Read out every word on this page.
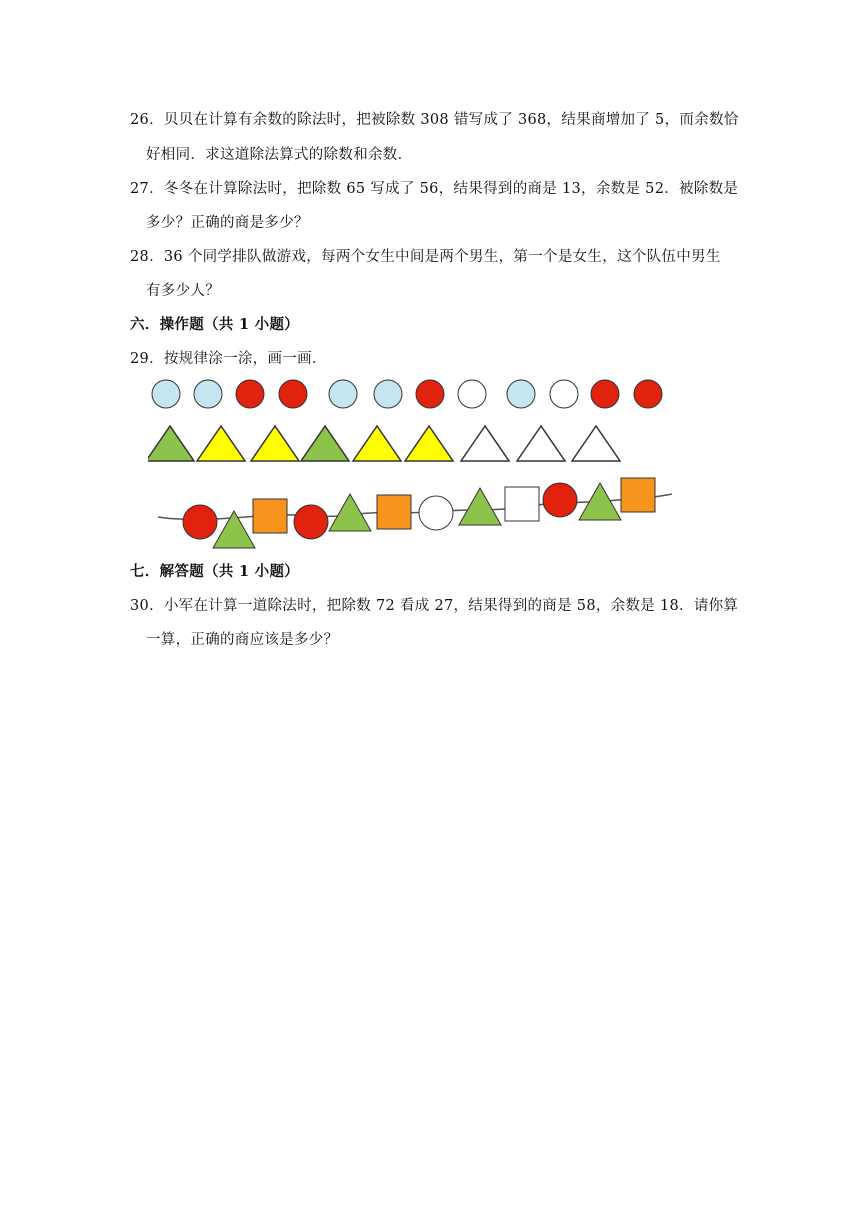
26．贝贝在计算有余数的除法时，把被除数 308 错写成了 368，结果商增加了 5，而余数恰
好相同．求这道除法算式的除数和余数．
27．冬冬在计算除法时，把除数 65 写成了 56，结果得到的商是 13，余数是 52．被除数是
多少？正确的商是多少？
28．36 个同学排队做游戏，每两个女生中间是两个男生，第一个是女生，这个队伍中男生
有多少人？
六．操作题（共 1 小题）
29．按规律涂一涂，画一画．
七．解答题（共 1 小题）
30．小军在计算一道除法时，把除数 72 看成 27，结果得到的商是 58，余数是 18．请你算
一算，正确的商应该是多少？
